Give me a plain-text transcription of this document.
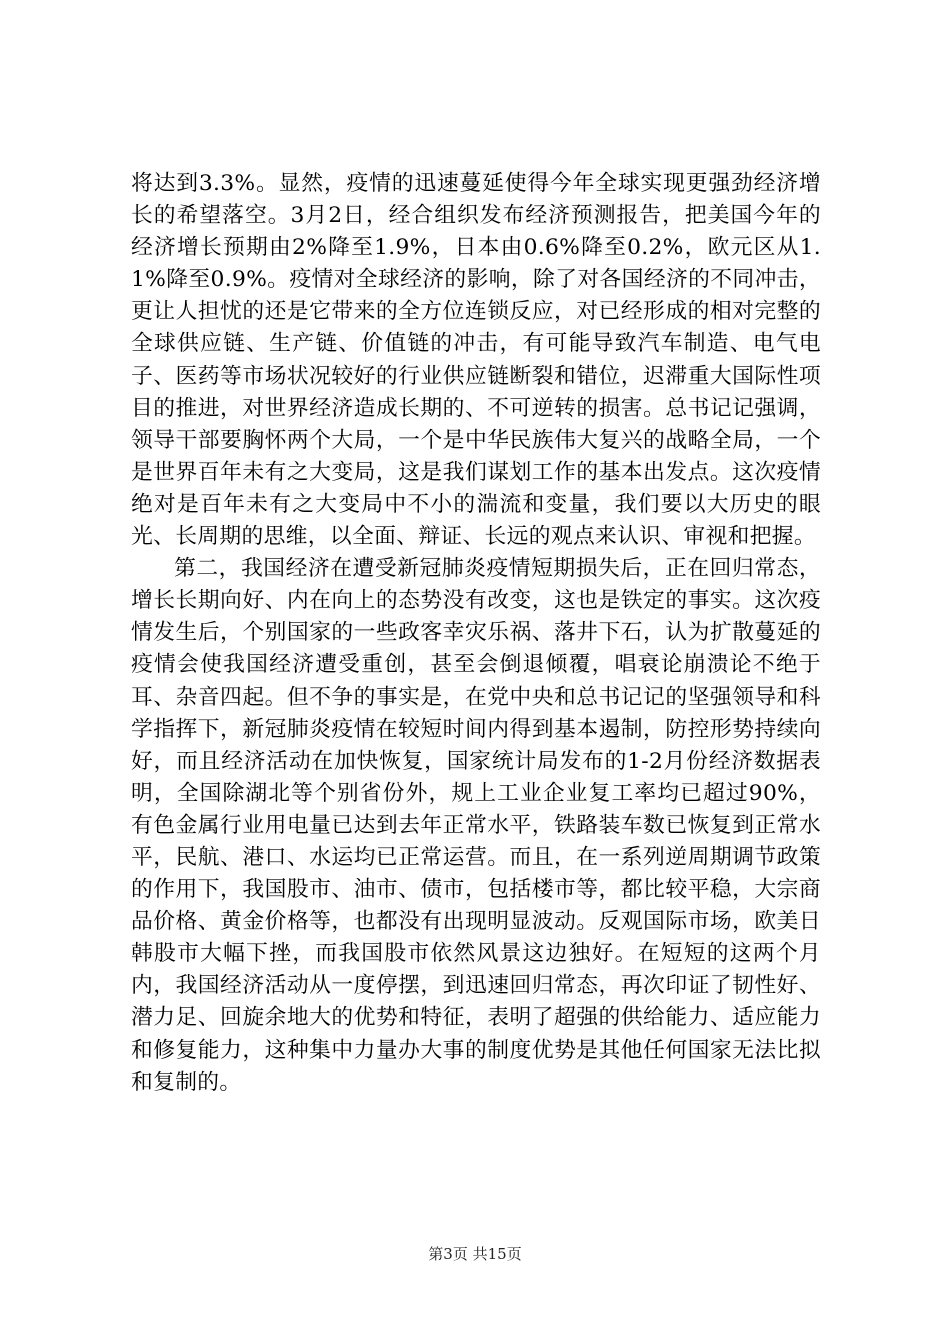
将达到3.3%。显然，疫情的迅速蔓延使得今年全球实现更强劲经济增长的希望落空。3月2日，经合组织发布经济预测报告，把美国今年的经济增长预期由2%降至1.9%，日本由0.6%降至0.2%，欧元区从1.1%降至0.9%。疫情对全球经济的影响，除了对各国经济的不同冲击，更让人担忧的还是它带来的全方位连锁反应，对已经形成的相对完整的全球供应链、生产链、价值链的冲击，有可能导致汽车制造、电气电子、医药等市场状况较好的行业供应链断裂和错位，迟滞重大国际性项目的推进，对世界经济造成长期的、不可逆转的损害。总书记记强调，领导干部要胸怀两个大局，一个是中华民族伟大复兴的战略全局，一个是世界百年未有之大变局，这是我们谋划工作的基本出发点。这次疫情绝对是百年未有之大变局中不小的湍流和变量，我们要以大历史的眼光、长周期的思维，以全面、辩证、长远的观点来认识、审视和把握。

第二，我国经济在遭受新冠肺炎疫情短期损失后，正在回归常态，增长长期向好、内在向上的态势没有改变，这也是铁定的事实。这次疫情发生后，个别国家的一些政客幸灾乐祸、落井下石，认为扩散蔓延的疫情会使我国经济遭受重创，甚至会倒退倾覆，唱衰论崩溃论不绝于耳、杂音四起。但不争的事实是，在党中央和总书记记的坚强领导和科学指挥下，新冠肺炎疫情在较短时间内得到基本遏制，防控形势持续向好，而且经济活动在加快恢复，国家统计局发布的1-2月份经济数据表明，全国除湖北等个别省份外，规上工业企业复工率均已超过90%，有色金属行业用电量已达到去年正常水平，铁路装车数已恢复到正常水平，民航、港口、水运均已正常运营。而且，在一系列逆周期调节政策的作用下，我国股市、油市、债市，包括楼市等，都比较平稳，大宗商品价格、黄金价格等，也都没有出现明显波动。反观国际市场，欧美日韩股市大幅下挫，而我国股市依然风景这边独好。在短短的这两个月内，我国经济活动从一度停摆，到迅速回归常态，再次印证了韧性好、潜力足、回旋余地大的优势和特征，表明了超强的供给能力、适应能力和修复能力，这种集中力量办大事的制度优势是其他任何国家无法比拟和复制的。

第3页 共15页
